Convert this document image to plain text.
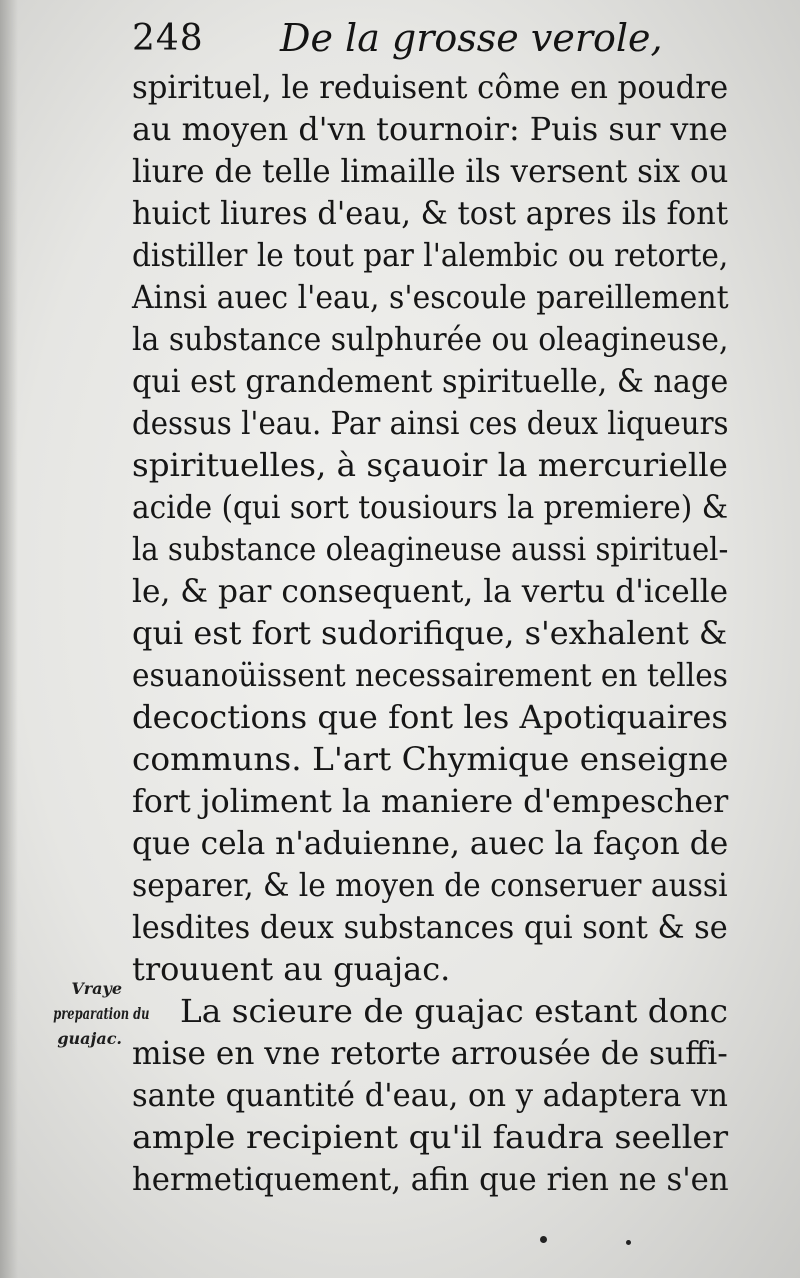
248 De la grosse verole,
spirituel, le reduisent côme en poudre
au moyen d'vn tournoir: Puis sur vne
liure de telle limaille ils versent six ou
huict liures d'eau, & tost apres ils font
distiller le tout par l'alembic ou retorte,
Ainsi auec l'eau, s'escoule pareillement
la substance sulphurée ou oleagineuse,
qui est grandement spirituelle, & nage
dessus l'eau. Par ainsi ces deux liqueurs
spirituelles, à sçauoir la mercurielle
acide (qui sort tousiours la premiere) &
la substance oleagineuse aussi spirituel-
le, & par consequent, la vertu d'icelle
qui est fort sudorifique, s'exhalent &
esuanoüissent necessairement en telles
decoctions que font les Apotiquaires
communs. L'art Chymique enseigne
fort joliment la maniere d'empescher
que cela n'aduienne, auec la façon de
separer, & le moyen de conseruer aussi
lesdites deux substances qui sont & se
trouuent au guajac.
La scieure de guajac estant donc
mise en vne retorte arrousée de suffi-
sante quantité d'eau, on y adaptera vn
ample recipient qu'il faudra seeller
hermetiquement, afin que rien ne s'en
Vraye
preparation du
guajac.
